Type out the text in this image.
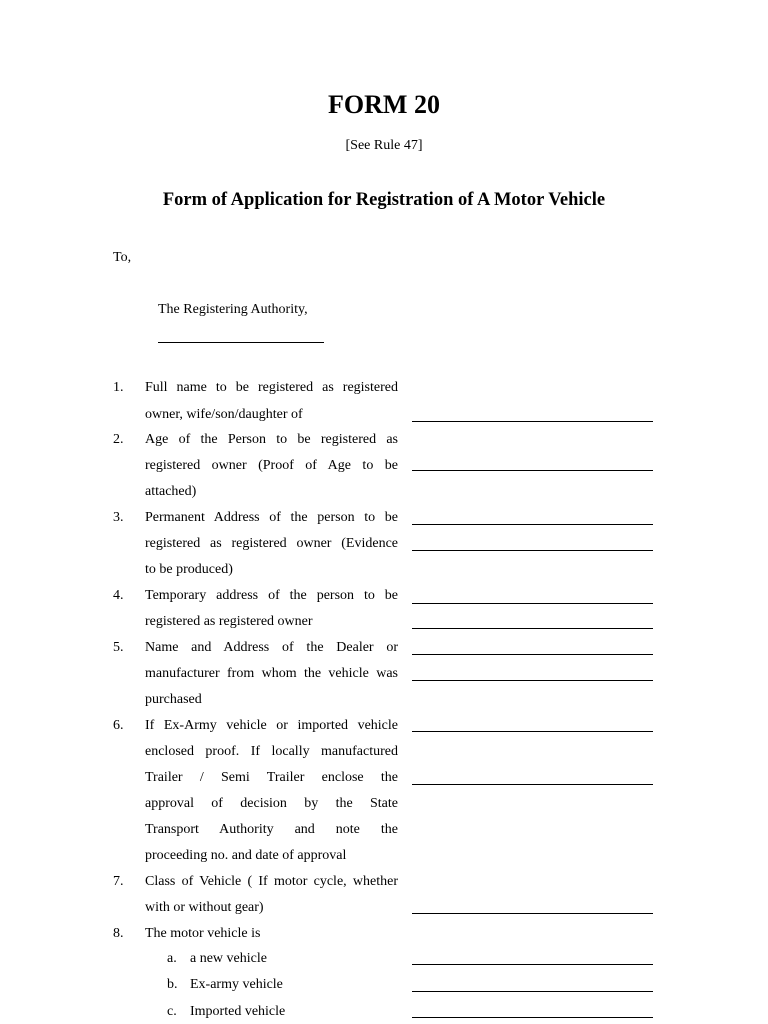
FORM 20
[See Rule 47]
Form of Application for Registration of A Motor Vehicle
To,
The Registering Authority,
1. Full name to be registered as registered
owner, wife/son/daughter of
2. Age of the Person to be registered as
registered owner (Proof of Age to be
attached)
3. Permanent Address of the person to be
registered as registered owner (Evidence
to be produced)
4. Temporary address of the person to be
registered as registered owner
5. Name and Address of the Dealer or
manufacturer from whom the vehicle was
purchased
6. If Ex-Army vehicle or imported vehicle
enclosed proof. If locally manufactured
Trailer / Semi Trailer enclose the
approval of decision by the State
Transport Authority and note the
proceeding no. and date of approval
7. Class of Vehicle ( If motor cycle, whether
with or without gear)
8. The motor vehicle is
a. a new vehicle
b. Ex-army vehicle
c. Imported vehicle
